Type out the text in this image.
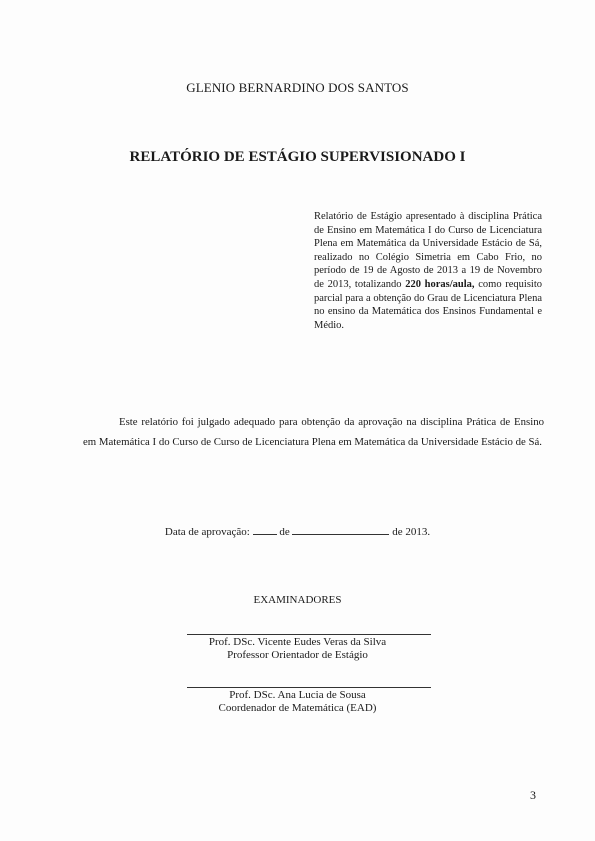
GLENIO BERNARDINO DOS SANTOS
RELATÓRIO DE ESTÁGIO SUPERVISIONADO I
Relatório de Estágio apresentado à disciplina Prática de Ensino em Matemática I do Curso de Licenciatura Plena em Matemática da Universidade Estácio de Sá, realizado no Colégio Simetria em Cabo Frio, no período de 19 de Agosto de 2013 a 19 de Novembro de 2013, totalizando 220 horas/aula, como requisito parcial para a obtenção do Grau de Licenciatura Plena no ensino da Matemática dos Ensinos Fundamental e Médio.
Este relatório foi julgado adequado para obtenção da aprovação na disciplina Prática de Ensino em Matemática I do Curso de Curso de Licenciatura Plena em Matemática da Universidade Estácio de Sá.
Data de aprovação:	de	de 2013.
EXAMINADORES
Prof. DSc. Vicente Eudes Veras da Silva
Professor Orientador de Estágio
Prof. DSc. Ana Lucia de Sousa
Coordenador de Matemática (EAD)
3
